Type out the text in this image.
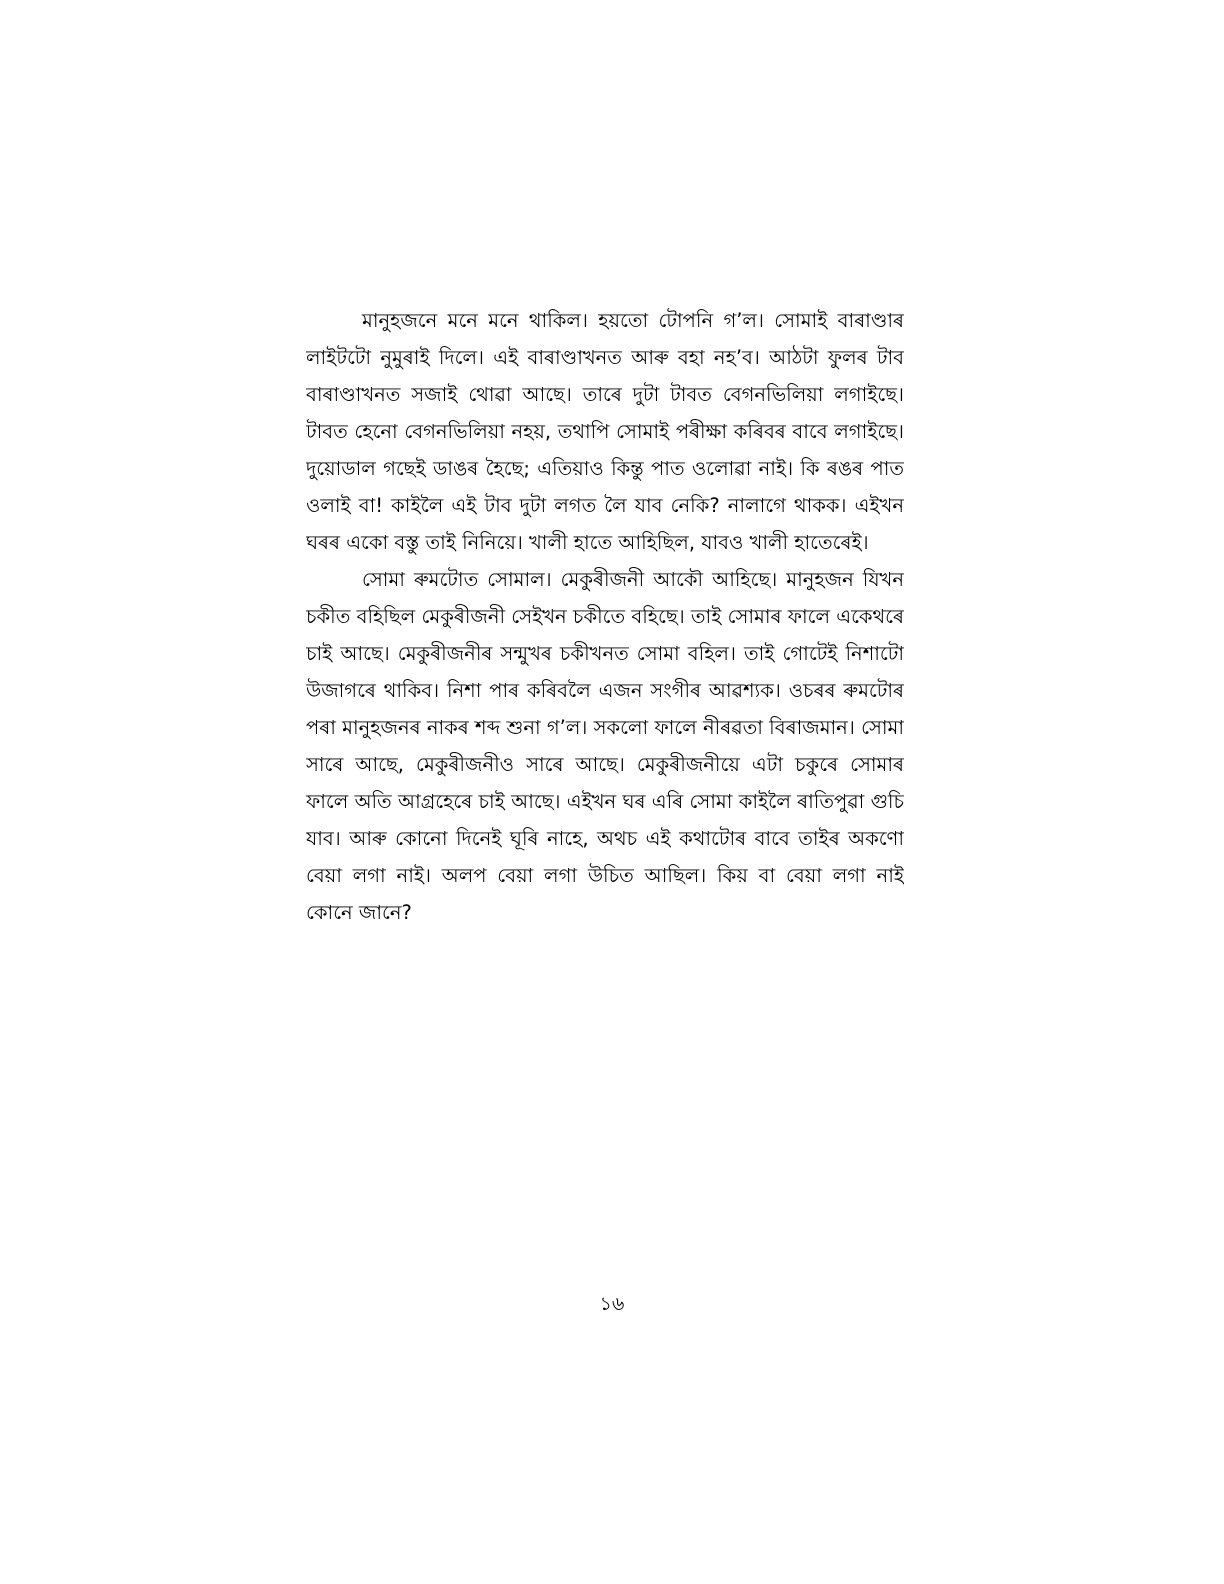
মানুহজনে মনে মনে থাকিল। হয়তো টোপনি গ’ল। সোমাই বাৰাণ্ডাৰ
লাইটটো নুমুৰাই দিলে। এই বাৰাণ্ডাখনত আৰু বহা নহ’ব। আঠটা ফুলৰ টাব
বাৰাণ্ডাখনত সজাই থোৱা আছে। তাৰে দুটা টাবত বেগনভিলিয়া লগাইছে।
টাবত হেনো বেগনভিলিয়া নহয়, তথাপি সোমাই পৰীক্ষা কৰিবৰ বাবে লগাইছে।
দুয়োডাল গছেই ডাঙৰ হৈছে; এতিয়াও কিন্তু পাত ওলোৱা নাই। কি ৰঙৰ পাত
ওলাই বা! কাইলৈ এই টাব দুটা লগত লৈ যাব নেকি? নালাগে থাকক। এইখন
ঘৰৰ একো বস্তু তাই নিনিয়ে। খালী হাতে আহিছিল, যাবও খালী হাতেৰেই।
সোমা ৰুমটোত সোমাল। মেকুৰীজনী আকৌ আহিছে। মানুহজন যিখন
চকীত বহিছিল মেকুৰীজনী সেইখন চকীতে বহিছে। তাই সোমাৰ ফালে একেথৰে
চাই আছে। মেকুৰীজনীৰ সন্মুখৰ চকীখনত সোমা বহিল। তাই গোটেই নিশাটো
উজাগৰে থাকিব। নিশা পাৰ কৰিবলৈ এজন সংগীৰ আৱশ্যক। ওচৰৰ ৰুমটোৰ
পৰা মানুহজনৰ নাকৰ শব্দ শুনা গ’ল। সকলো ফালে নীৰৱতা বিৰাজমান। সোমা
সাৰে আছে, মেকুৰীজনীও সাৰে আছে। মেকুৰীজনীয়ে এটা চকুৰে সোমাৰ
ফালে অতি আগ্ৰহেৰে চাই আছে। এইখন ঘৰ এৰি সোমা কাইলৈ ৰাতিপুৱা গুচি
যাব। আৰু কোনো দিনেই ঘূৰি নাহে, অথচ এই কথাটোৰ বাবে তাইৰ অকণো
বেয়া লগা নাই। অলপ বেয়া লগা উচিত আছিল। কিয় বা বেয়া লগা নাই
কোনে জানে?
১৬
